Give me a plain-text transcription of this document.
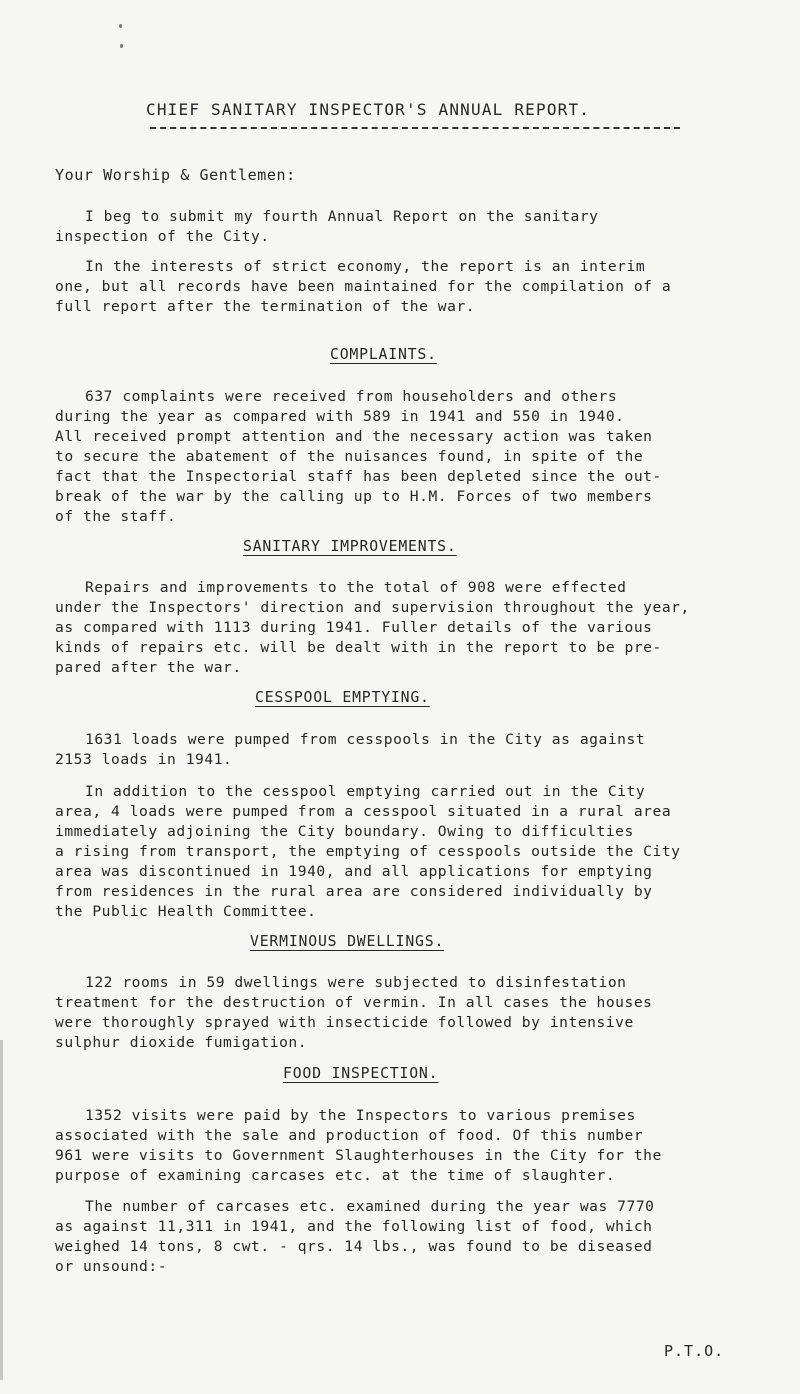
CHIEF SANITARY INSPECTOR'S ANNUAL REPORT.
Your Worship & Gentlemen:

I beg to submit my fourth Annual Report on the sanitary
inspection of the City.

In the interests of strict economy, the report is an interim
one, but all records have been maintained for the compilation of a
full report after the termination of the war.

COMPLAINTS.

637 complaints were received from householders and others
during the year as compared with 589 in 1941 and 550 in 1940.
All received prompt attention and the necessary action was taken
to secure the abatement of the nuisances found, in spite of the
fact that the Inspectorial staff has been depleted since the out-
break of the war by the calling up to H.M. Forces of two members
of the staff.

SANITARY IMPROVEMENTS.

Repairs and improvements to the total of 908 were effected
under the Inspectors' direction and supervision throughout the year,
as compared with 1113 during 1941. Fuller details of the various
kinds of repairs etc. will be dealt with in the report to be pre-
pared after the war.

CESSPOOL EMPTYING.

1631 loads were pumped from cesspools in the City as against
2153 loads in 1941.

In addition to the cesspool emptying carried out in the City
area, 4 loads were pumped from a cesspool situated in a rural area
immediately adjoining the City boundary. Owing to difficulties
a rising from transport, the emptying of cesspools outside the City
area was discontinued in 1940, and all applications for emptying
from residences in the rural area are considered individually by
the Public Health Committee.

VERMINOUS DWELLINGS.

122 rooms in 59 dwellings were subjected to disinfestation
treatment for the destruction of vermin. In all cases the houses
were thoroughly sprayed with insecticide followed by intensive
sulphur dioxide fumigation.

FOOD INSPECTION.

1352 visits were paid by the Inspectors to various premises
associated with the sale and production of food. Of this number
961 were visits to Government Slaughterhouses in the City for the
purpose of examining carcases etc. at the time of slaughter.

The number of carcases etc. examined during the year was 7770
as against 11,311 in 1941, and the following list of food, which
weighed 14 tons, 8 cwt. - qrs. 14 lbs., was found to be diseased
or unsound:-

P.T.O.
